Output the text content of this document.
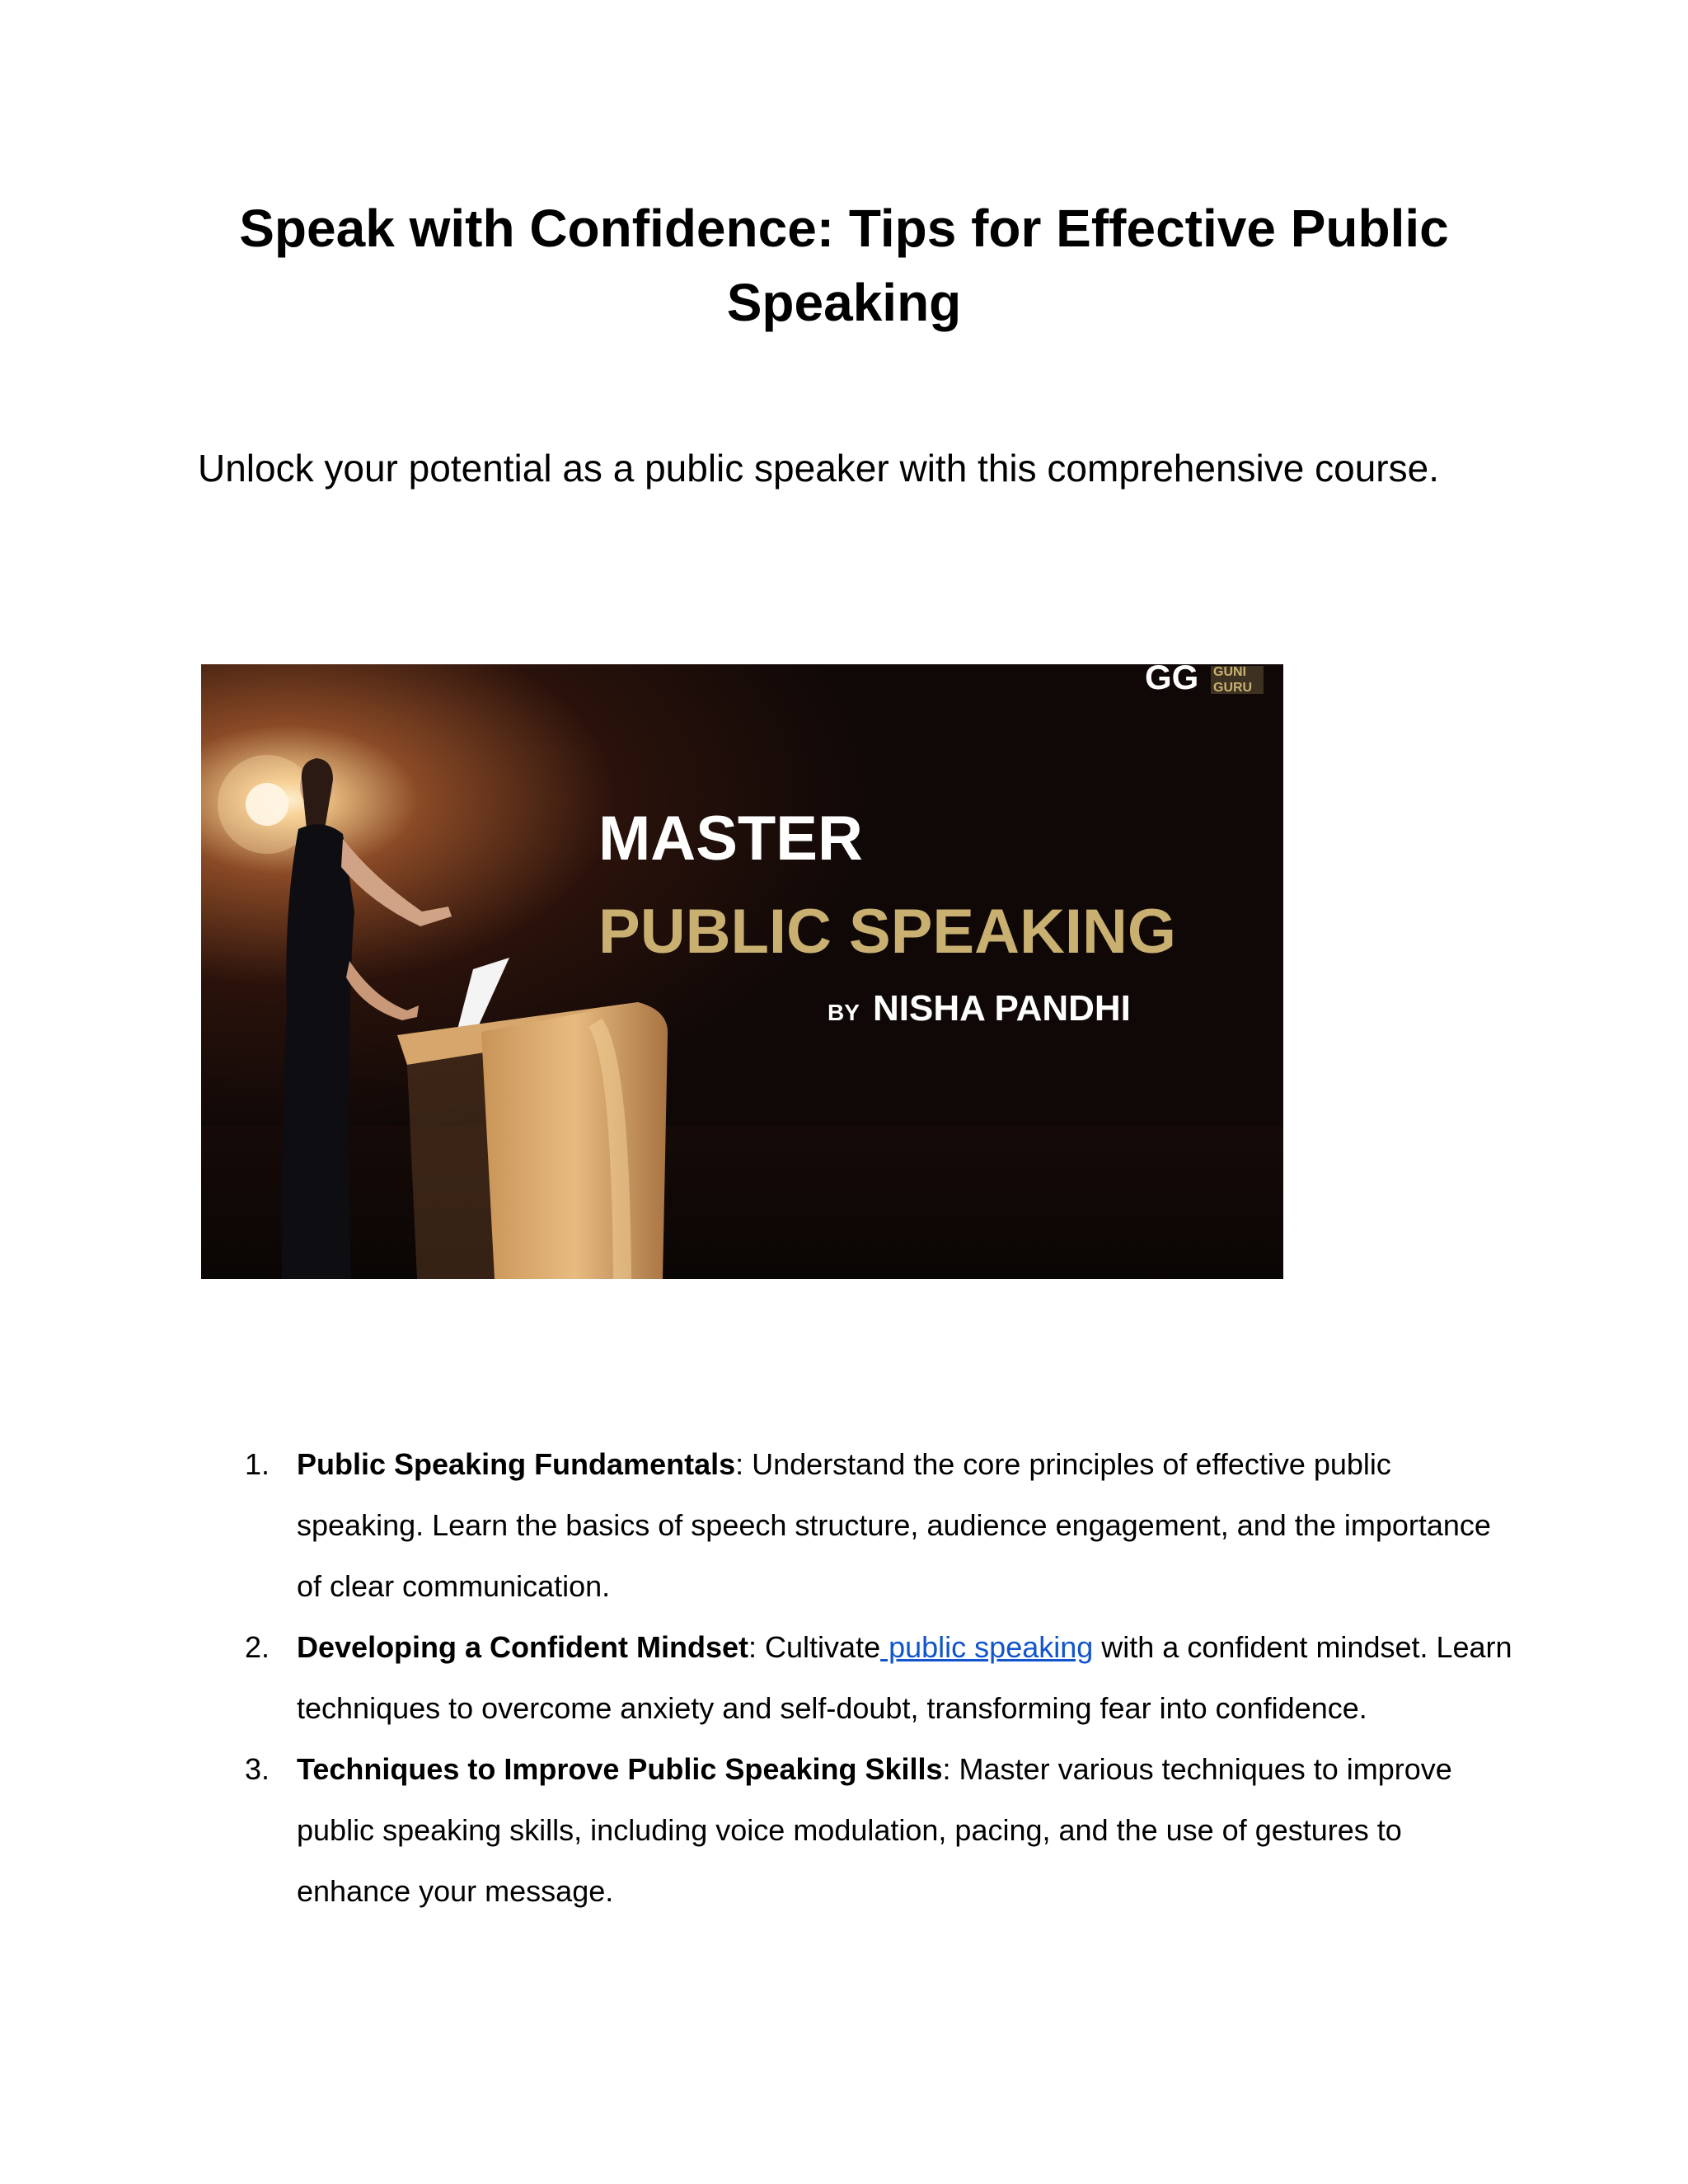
Speak with Confidence: Tips for Effective Public Speaking

Unlock your potential as a public speaker with this comprehensive course.

GG GUNI
GURU
MASTER
PUBLIC SPEAKING
BY NISHA PANDHI
1. Public Speaking Fundamentals: Understand the core principles of effective public speaking. Learn the basics of speech structure, audience engagement, and the importance of clear communication.
2. Developing a Confident Mindset: Cultivate public speaking with a confident mindset. Learn techniques to overcome anxiety and self-doubt, transforming fear into confidence.
3. Techniques to Improve Public Speaking Skills: Master various techniques to improve public speaking skills, including voice modulation, pacing, and the use of gestures to enhance your message.
